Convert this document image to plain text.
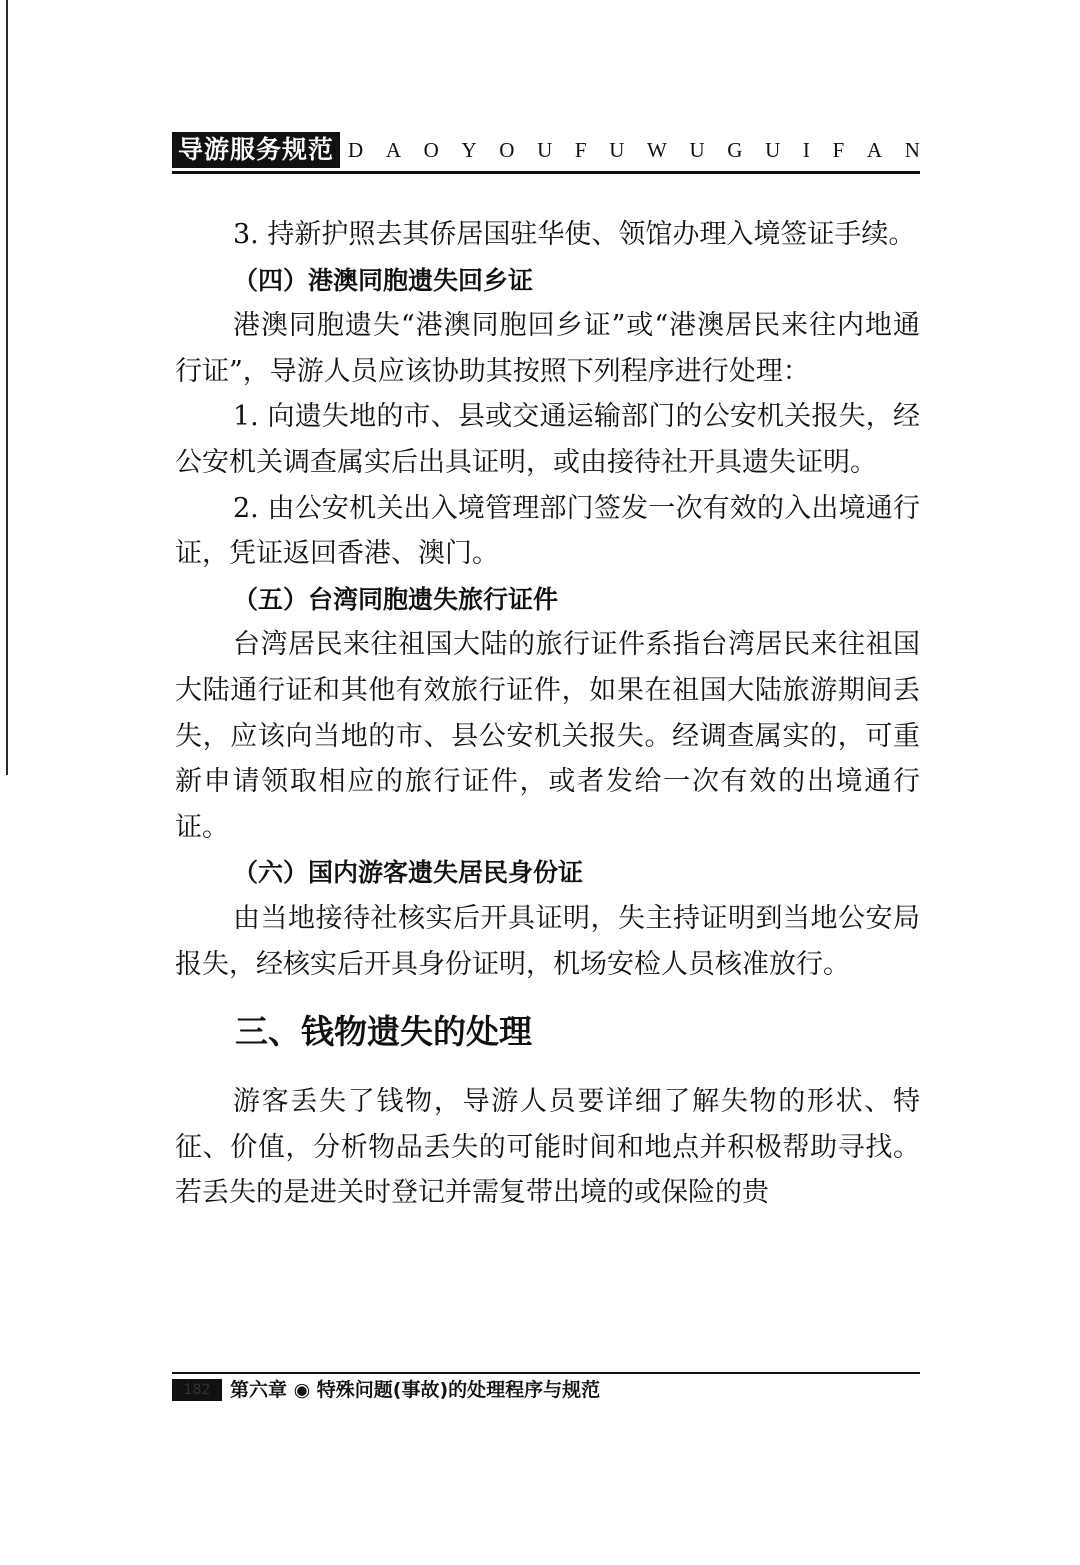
导游服务规范 D A O Y O U F U W U G U I F A N

3. 持新护照去其侨居国驻华使、领馆办理入境签证手续。

（四）港澳同胞遗失回乡证

港澳同胞遗失“港澳同胞回乡证”或“港澳居民来往内地通行证”，导游人员应该协助其按照下列程序进行处理：

1. 向遗失地的市、县或交通运输部门的公安机关报失，经公安机关调查属实后出具证明，或由接待社开具遗失证明。

2. 由公安机关出入境管理部门签发一次有效的入出境通行证，凭证返回香港、澳门。

（五）台湾同胞遗失旅行证件

台湾居民来往祖国大陆的旅行证件系指台湾居民来往祖国大陆通行证和其他有效旅行证件，如果在祖国大陆旅游期间丢失，应该向当地的市、县公安机关报失。经调查属实的，可重新申请领取相应的旅行证件，或者发给一次有效的出境通行证。

（六）国内游客遗失居民身份证

由当地接待社核实后开具证明，失主持证明到当地公安局报失，经核实后开具身份证明，机场安检人员核准放行。

三、钱物遗失的处理

游客丢失了钱物，导游人员要详细了解失物的形状、特征、价值，分析物品丢失的可能时间和地点并积极帮助寻找。若丢失的是进关时登记并需复带出境的或保险的贵

182	第六章 ◉ 特殊问题(事故)的处理程序与规范
